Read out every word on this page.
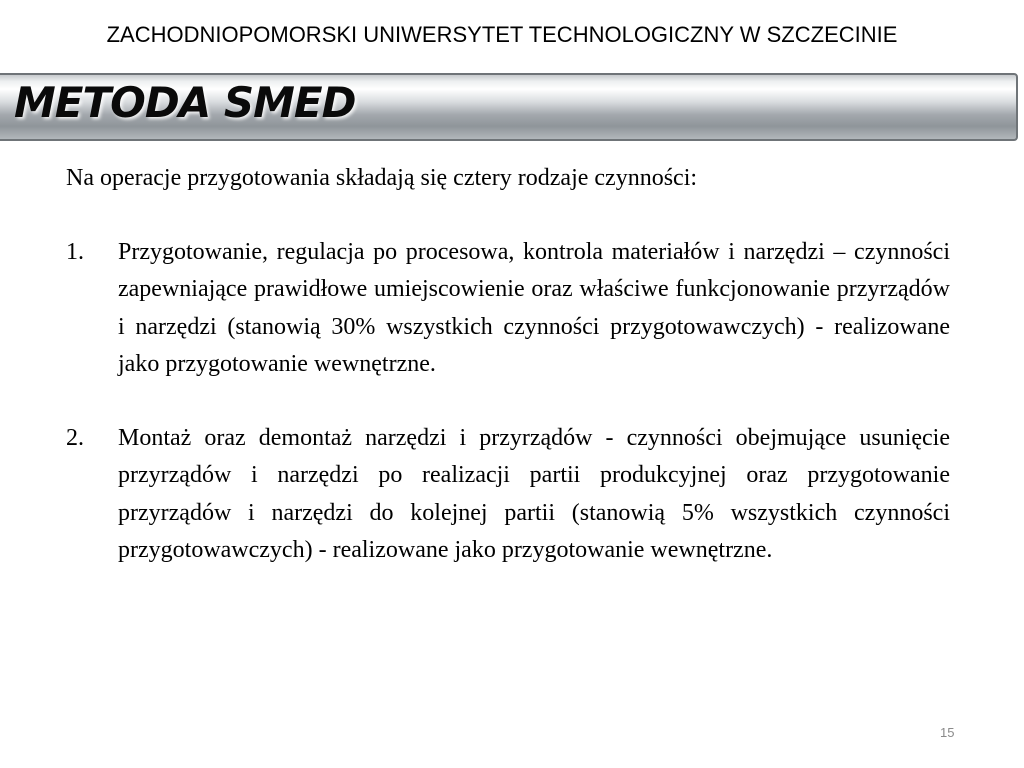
ZACHODNIOPOMORSKI UNIWERSYTET TECHNOLOGICZNY W SZCZECINIE
METODA SMED

Na operacje przygotowania składają się cztery rodzaje czynności:

1. Przygotowanie, regulacja po procesowa, kontrola materiałów i narzędzi – czynności zapewniające prawidłowe umiejscowienie oraz właściwe funkcjonowanie przyrządów i narzędzi (stanowią 30% wszystkich czynności przygotowawczych) - realizowane jako przygotowanie wewnętrzne.
2. Montaż oraz demontaż narzędzi i przyrządów - czynności obejmujące usunięcie przyrządów i narzędzi po realizacji partii produkcyjnej oraz przygotowanie przyrządów i narzędzi do kolejnej partii (stanowią 5% wszystkich czynności przygotowawczych) - realizowane jako przygotowanie wewnętrzne.
15
